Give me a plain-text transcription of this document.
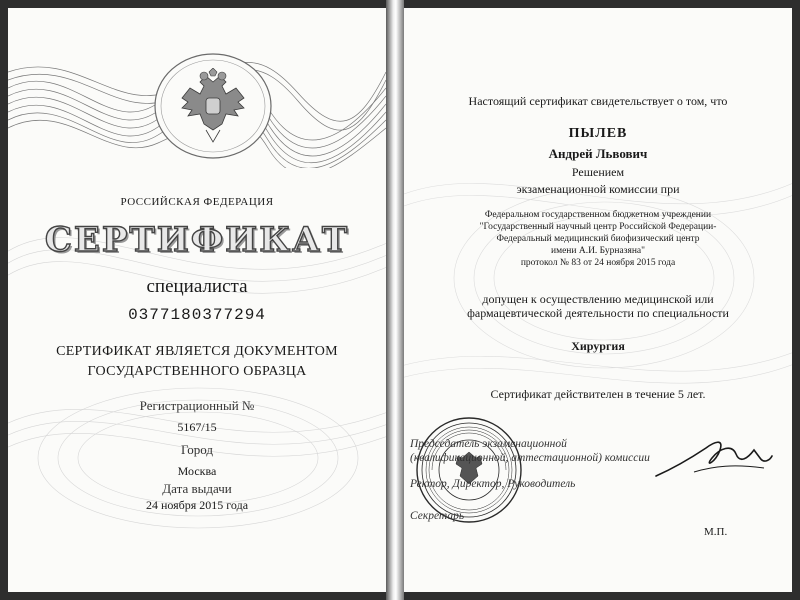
РОССИЙСКАЯ ФЕДЕРАЦИЯ
СЕРТИФИКАТ
специалиста
0377180377294
СЕРТИФИКАТ ЯВЛЯЕТСЯ ДОКУМЕНТОМ
ГОСУДАРСТВЕННОГО ОБРАЗЦА
Регистрационный №
5167/15
Город
Москва
Дата выдачи
24 ноября 2015 года
Настоящий сертификат свидетельствует о том, что
ПЫЛЕВ
Андрей Львович
Решением
экзаменационной комиссии при
Федеральном государственном бюджетном учреждении
"Государственный научный центр Российской Федерации-
Федеральный медицинский биофизический центр
имени А.И. Бурназяна"
протокол № 83 от 24 ноября 2015 года
допущен к осуществлению медицинской или
фармацевтической деятельности по специальности
Хирургия
Сертификат действителен в течение 5 лет.
Председатель экзаменационной
(квалификационной, аттестационной) комиссии
Ректор, Директор, Руководитель
Секретарь
М.П.
